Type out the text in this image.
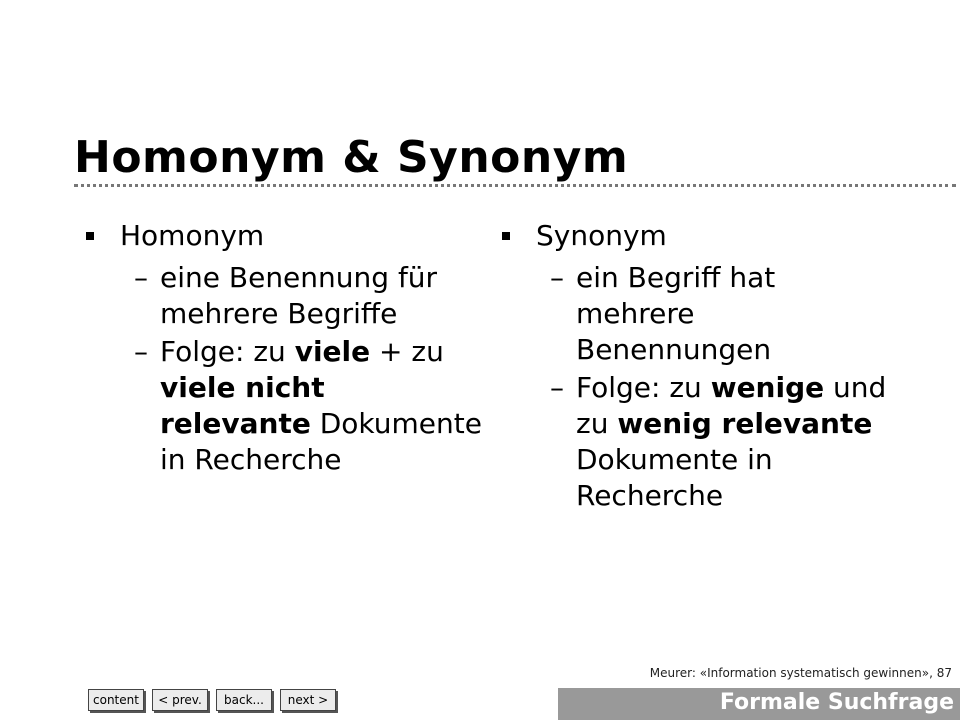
Homonym & Synonym
Homonym
– eine Benennung für mehrere Begriffe
– Folge: zu viele + zu viele nicht relevante Dokumente in Recherche
Synonym
– ein Begriff hat mehrere Benennungen
– Folge: zu wenige und zu wenig relevante Dokumente in Recherche
Meurer: «Information systematisch gewinnen», 87
content	< prev.	back...	next >	Formale Suchfrage
